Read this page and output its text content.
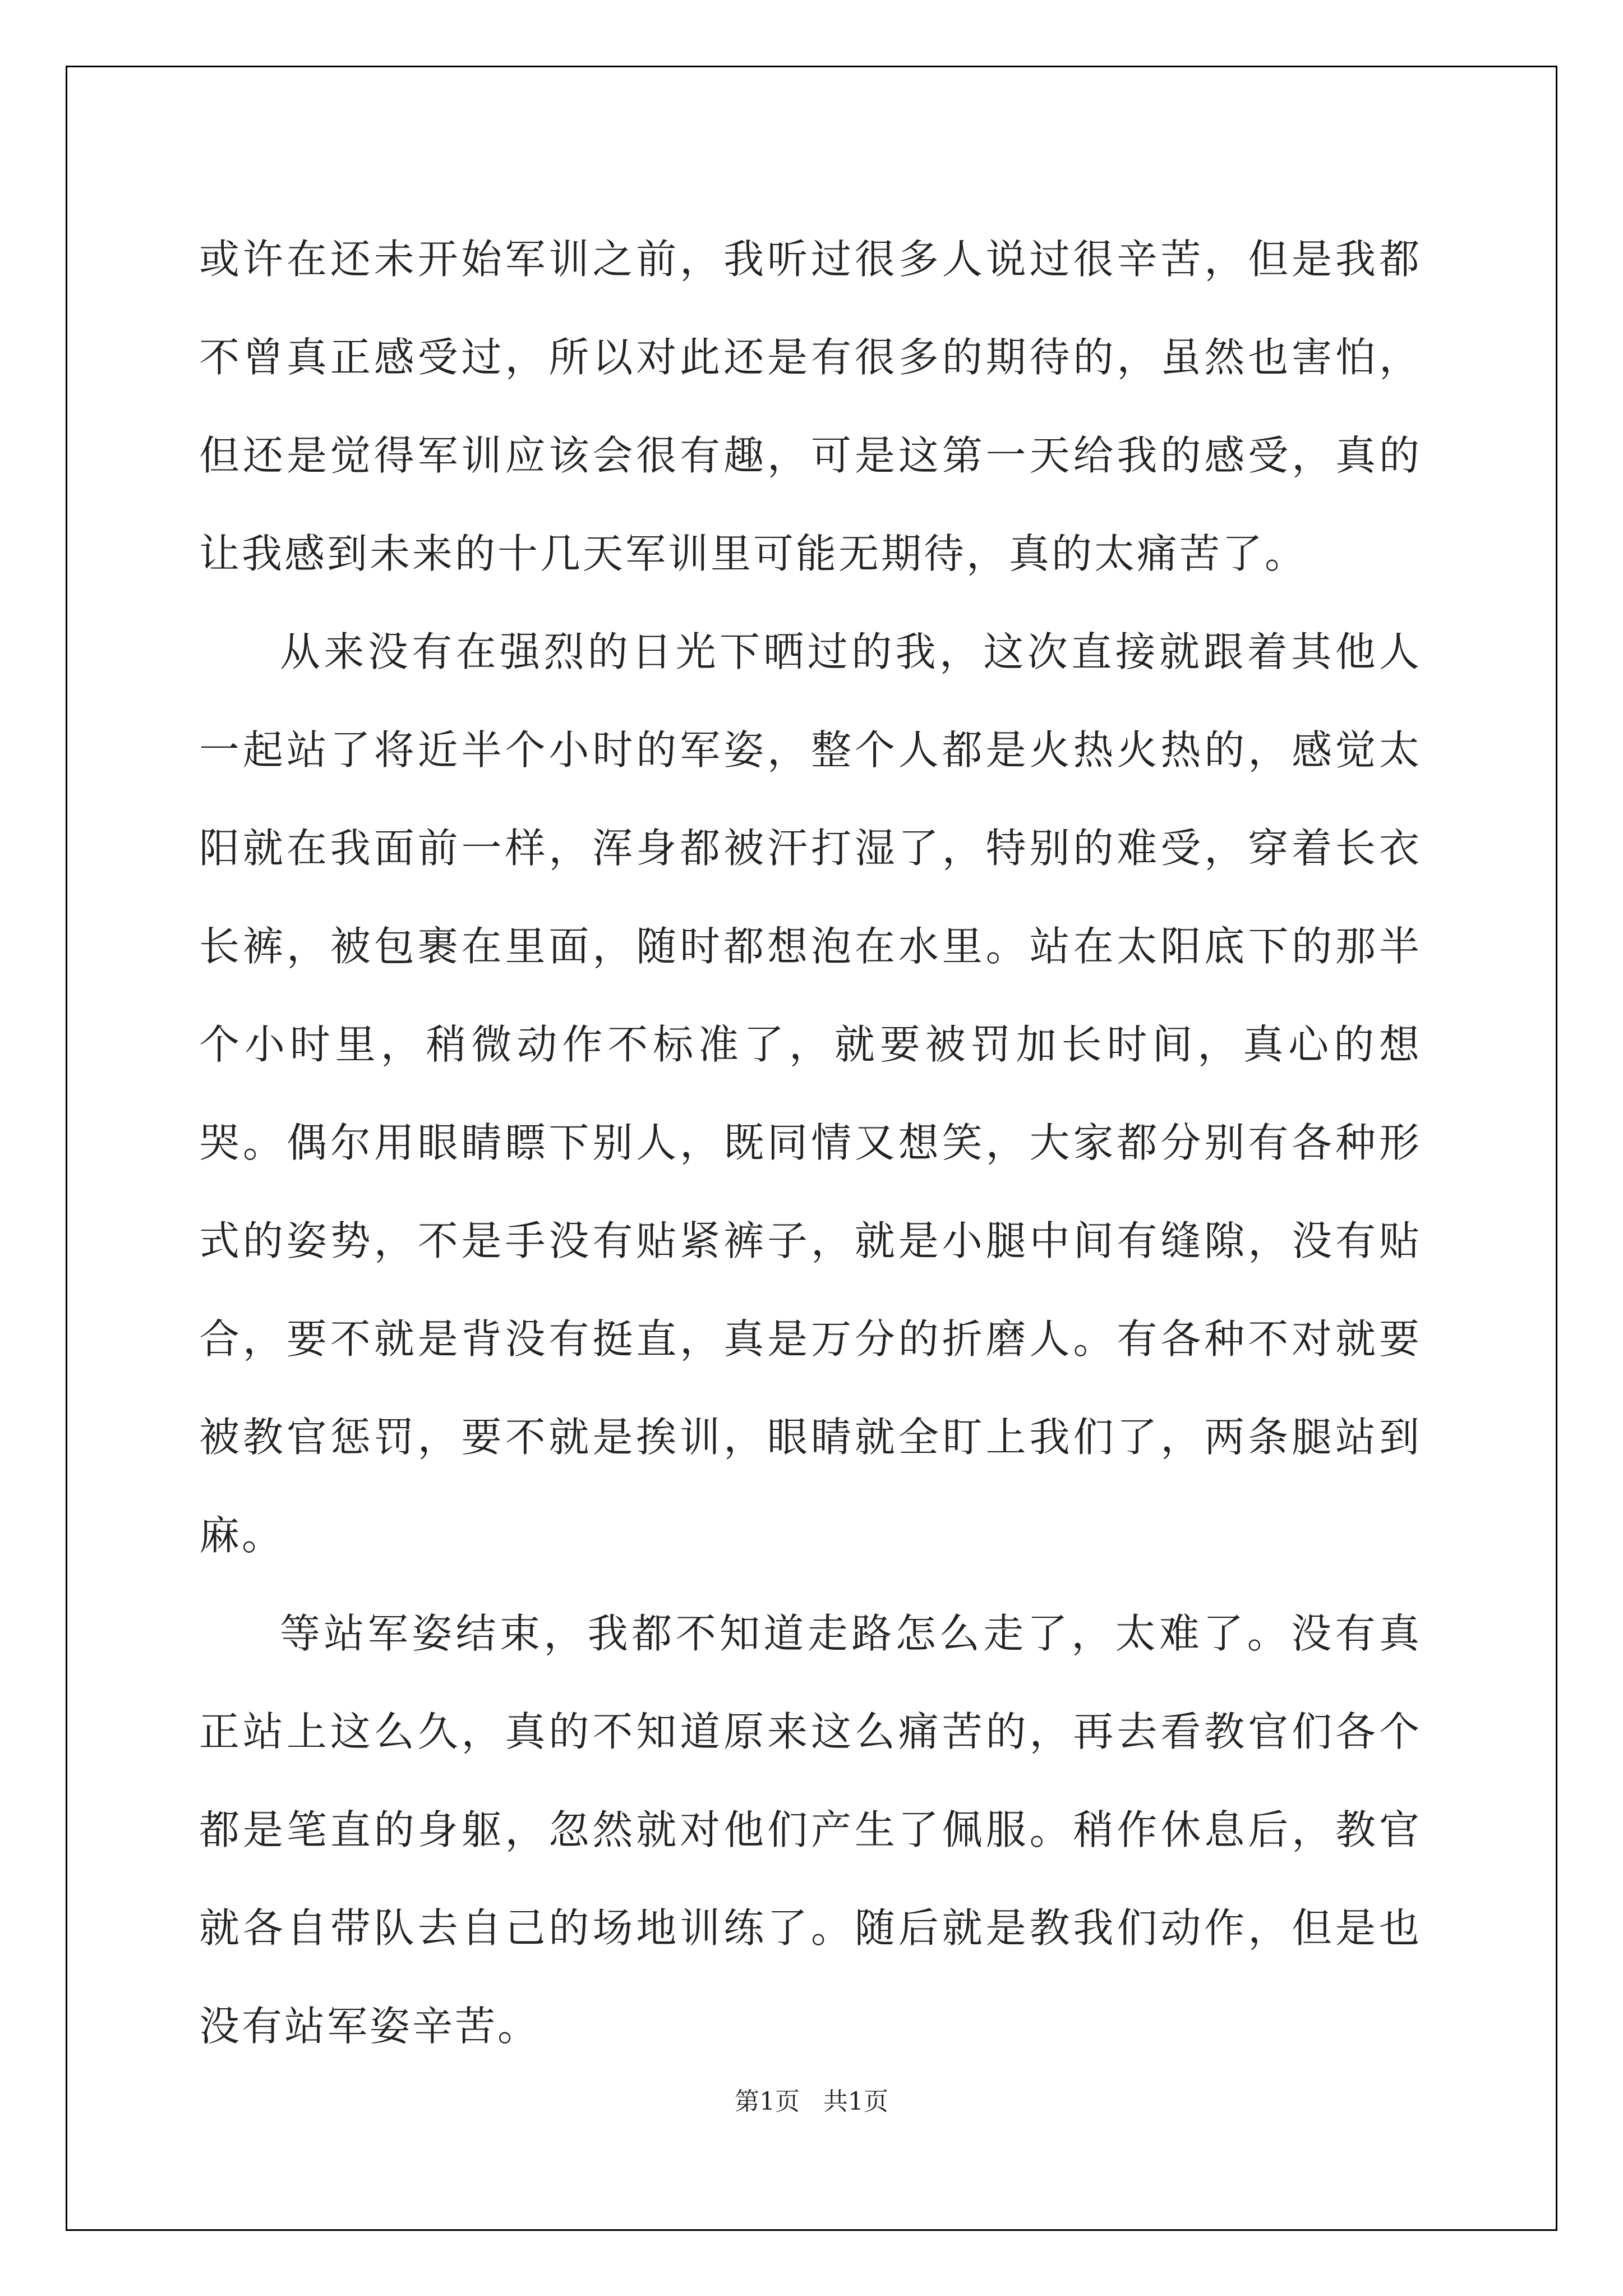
或许在还未开始军训之前，我听过很多人说过很辛苦，但是我都不曾真正感受过，所以对此还是有很多的期待的，虽然也害怕，但还是觉得军训应该会很有趣，可是这第一天给我的感受，真的让我感到未来的十几天军训里可能无期待，真的太痛苦了。

从来没有在强烈的日光下晒过的我，这次直接就跟着其他人一起站了将近半个小时的军姿，整个人都是火热火热的，感觉太阳就在我面前一样，浑身都被汗打湿了，特别的难受，穿着长衣长裤，被包裹在里面，随时都想泡在水里。站在太阳底下的那半个小时里，稍微动作不标准了，就要被罚加长时间，真心的想哭。偶尔用眼睛瞟下别人，既同情又想笑，大家都分别有各种形式的姿势，不是手没有贴紧裤子，就是小腿中间有缝隙，没有贴合，要不就是背没有挺直，真是万分的折磨人。有各种不对就要被教官惩罚，要不就是挨训，眼睛就全盯上我们了，两条腿站到麻。

等站军姿结束，我都不知道走路怎么走了，太难了。没有真正站上这么久，真的不知道原来这么痛苦的，再去看教官们各个都是笔直的身躯，忽然就对他们产生了佩服。稍作休息后，教官就各自带队去自己的场地训练了。随后就是教我们动作，但是也没有站军姿辛苦。

第1页 共1页
